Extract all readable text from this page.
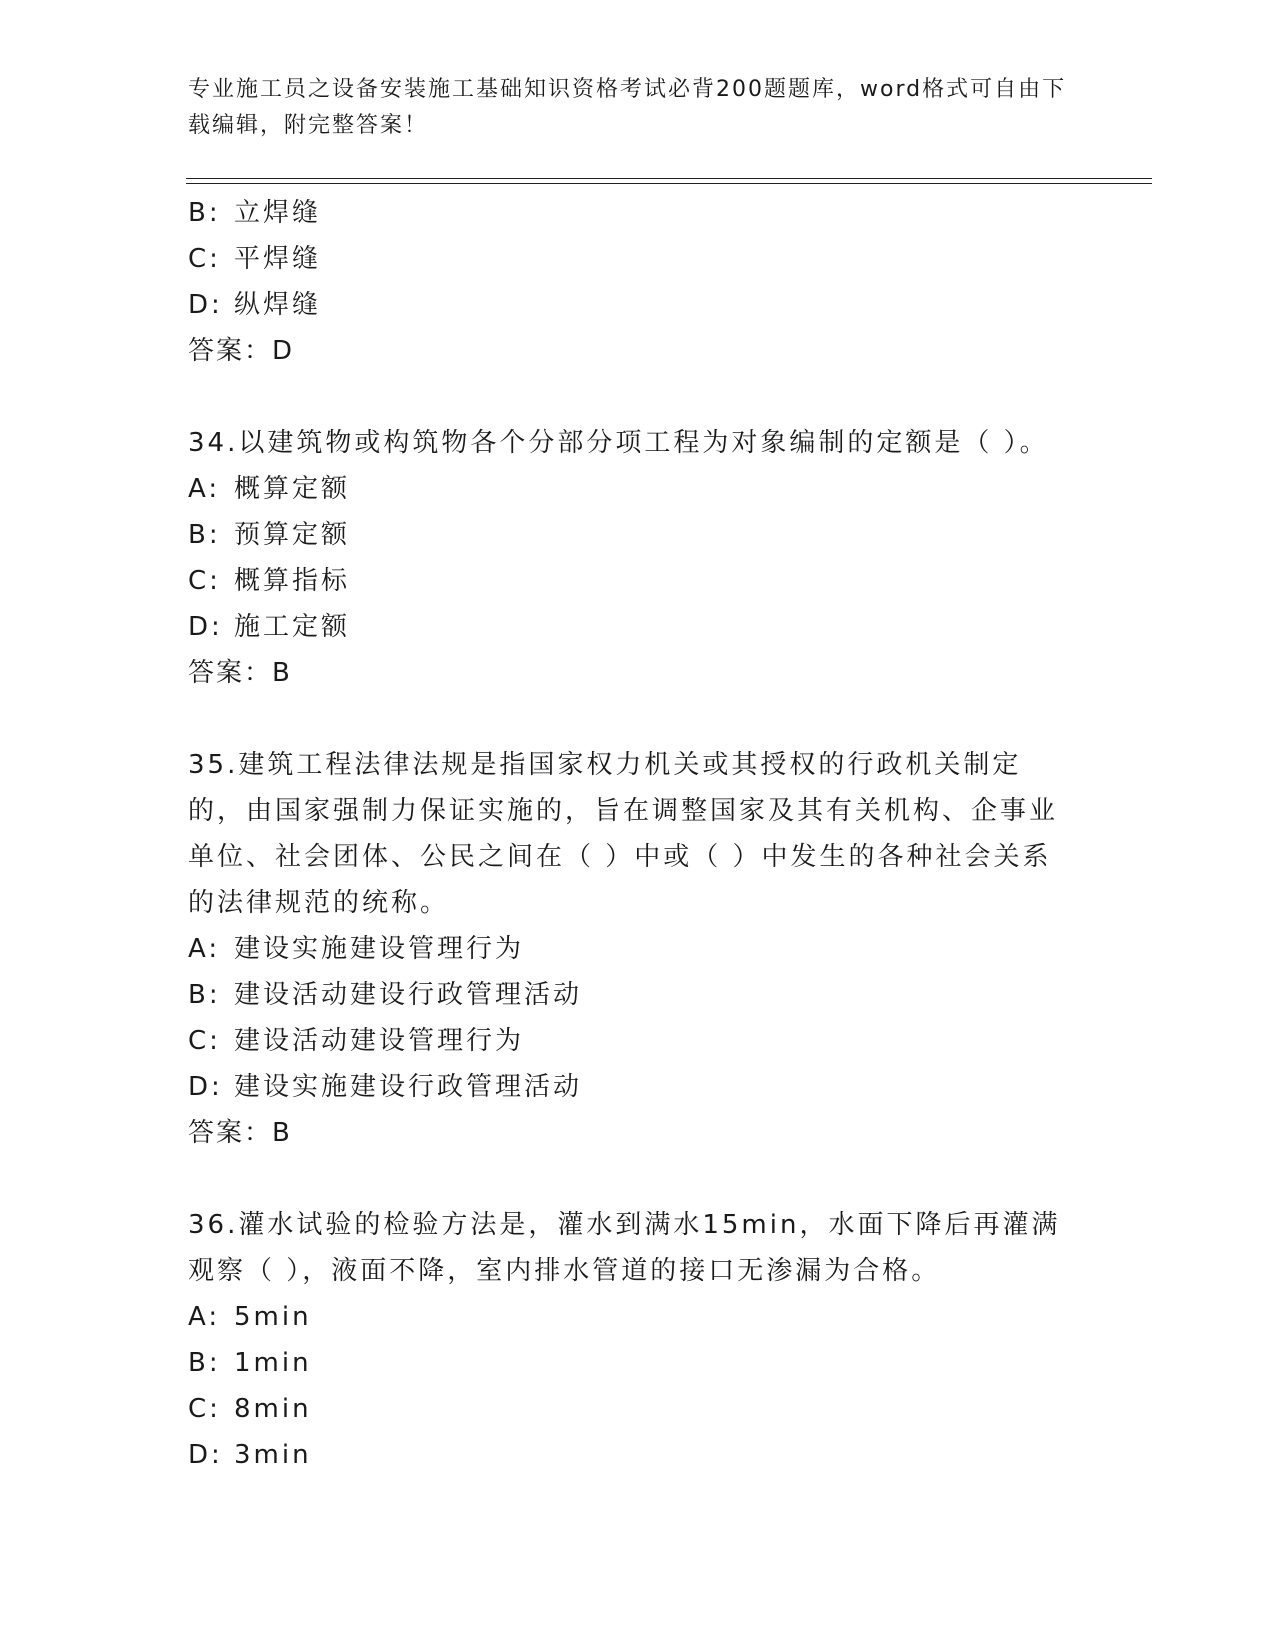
专业施工员之设备安装施工基础知识资格考试必背200题题库，word格式可自由下载编辑，附完整答案！
B: 立焊缝
C: 平焊缝
D: 纵焊缝
答案：D
34.以建筑物或构筑物各个分部分项工程为对象编制的定额是（ ）。
A: 概算定额
B: 预算定额
C: 概算指标
D: 施工定额
答案：B
35.建筑工程法律法规是指国家权力机关或其授权的行政机关制定的，由国家强制力保证实施的，旨在调整国家及其有关机构、企事业单位、社会团体、公民之间在（ ）中或（ ）中发生的各种社会关系的法律规范的统称。
A: 建设实施建设管理行为
B: 建设活动建设行政管理活动
C: 建设活动建设管理行为
D: 建设实施建设行政管理活动
答案：B
36.灌水试验的检验方法是，灌水到满水15min，水面下降后再灌满观察（ ），液面不降，室内排水管道的接口无渗漏为合格。
A: 5min
B: 1min
C: 8min
D: 3min
